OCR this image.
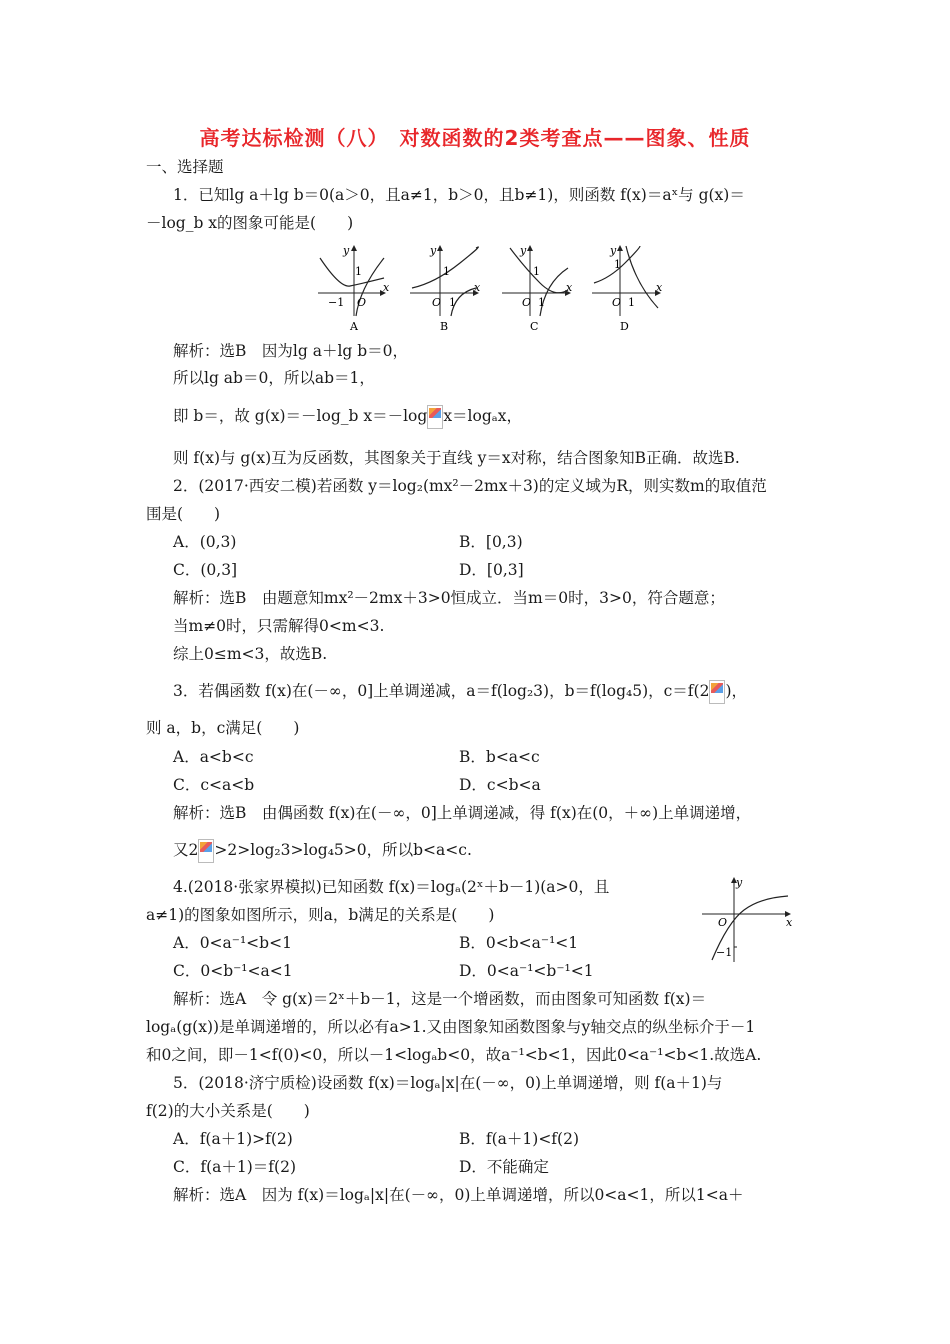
高考达标检测（八）　对数函数的2类考查点——图象、性质
一、选择题
1．已知lg a＋lg b＝0(a＞0，且a≠1，b＞0，且b≠1)，则函数 f(x)＝aˣ与 g(x)＝
－log_b x的图象可能是(　　)
y
x
O
1
−1
A
y
x
O
1
1
B
y
x
O
1
1
C
y
x
O
1
1
D
解析：选B　因为lg a＋lg b＝0，
所以lg ab＝0，所以ab＝1，
即 b＝，故 g(x)＝－log_b x＝－log x＝logₐx，
则 f(x)与 g(x)互为反函数，其图象关于直线 y＝x对称，结合图象知B正确．故选B.
2．(2017·西安二模)若函数 y＝log₂(mx²－2mx＋3)的定义域为R，则实数m的取值范
围是(　　)
A．(0,3)	B．[0,3)
C．(0,3]	D．[0,3]
解析：选B　由题意知mx²－2mx＋3>0恒成立．当m＝0时，3>0，符合题意；
当m≠0时，只需解得0<m<3.
综上0≤m<3，故选B.
3．若偶函数 f(x)在(－∞，0]上单调递减，a＝f(log₂3)，b＝f(log₄5)，c＝f(2 )，
则 a，b，c满足(　　)
A．a<b<c	B．b<a<c
C．c<a<b	D．c<b<a
解析：选B　由偶函数 f(x)在(－∞，0]上单调递减，得 f(x)在(0，＋∞)上单调递增，
又2 >2>log₂3>log₄5>0，所以b<a<c.
4.(2018·张家界模拟)已知函数 f(x)＝logₐ(2ˣ＋b－1)(a>0，且
a≠1)的图象如图所示，则a，b满足的关系是(　　)
A．0<a⁻¹<b<1	B．0<b<a⁻¹<1
C．0<b⁻¹<a<1	D．0<a⁻¹<b⁻¹<1
y
x
O
−1
解析：选A　令 g(x)＝2ˣ＋b－1，这是一个增函数，而由图象可知函数 f(x)＝
logₐ(g(x))是单调递增的，所以必有a>1.又由图象知函数图象与y轴交点的纵坐标介于－1
和0之间，即－1<f(0)<0，所以－1<logₐb<0，故a⁻¹<b<1，因此0<a⁻¹<b<1.故选A.
5．(2018·济宁质检)设函数 f(x)＝logₐ|x|在(－∞，0)上单调递增，则 f(a＋1)与
f(2)的大小关系是(　　)
A．f(a＋1)>f(2)	B．f(a＋1)<f(2)
C．f(a＋1)＝f(2)	D．不能确定
解析：选A　因为 f(x)＝logₐ|x|在(－∞，0)上单调递增，所以0<a<1，所以1<a＋
